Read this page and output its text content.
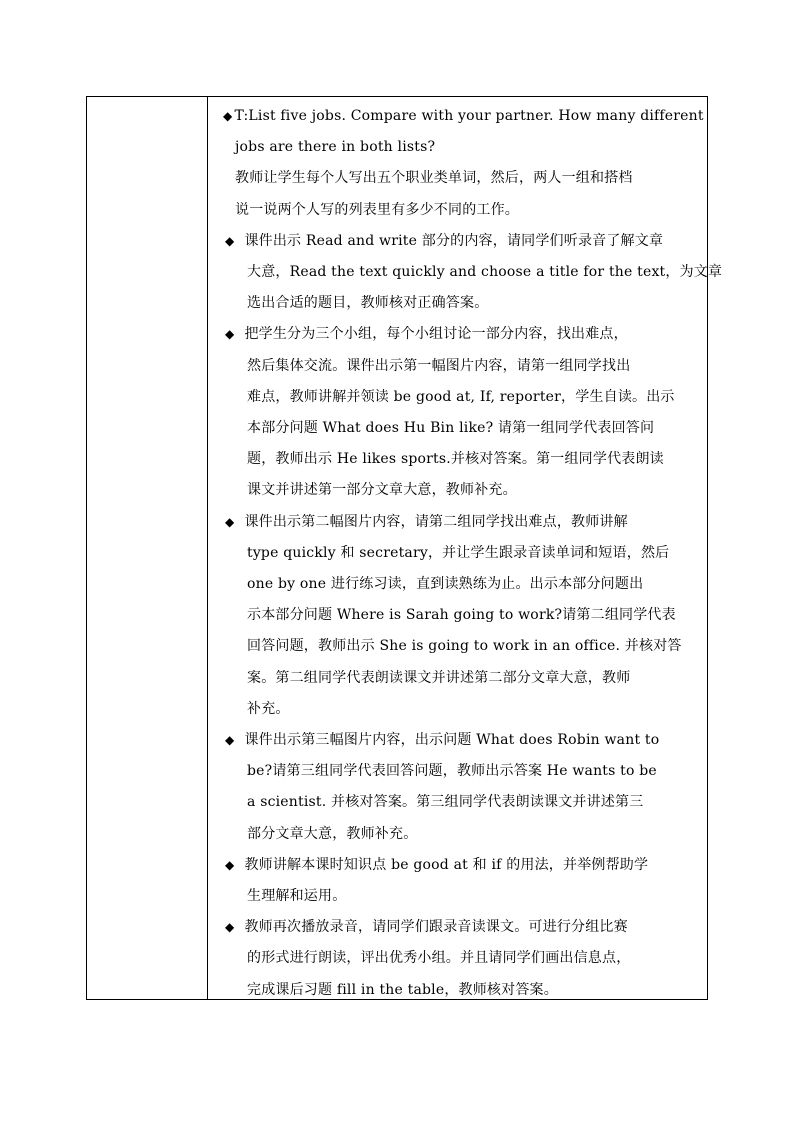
◆ T:List five jobs. Compare with your partner. How many different
jobs are there in both lists?
教师让学生每个人写出五个职业类单词，然后，两人一组和搭档
说一说两个人写的列表里有多少不同的工作。
◆ 课件出示 Read and write 部分的内容，请同学们听录音了解文章
大意，Read the text quickly and choose a title for the text，为文章
选出合适的题目，教师核对正确答案。
◆ 把学生分为三个小组，每个小组讨论一部分内容，找出难点，
然后集体交流。课件出示第一幅图片内容，请第一组同学找出
难点，教师讲解并领读 be good at, If, reporter，学生自读。出示
本部分问题 What does Hu Bin like? 请第一组同学代表回答问
题，教师出示 He likes sports.并核对答案。第一组同学代表朗读
课文并讲述第一部分文章大意，教师补充。
◆ 课件出示第二幅图片内容，请第二组同学找出难点，教师讲解
type quickly 和 secretary，并让学生跟录音读单词和短语，然后
one by one 进行练习读，直到读熟练为止。出示本部分问题出
示本部分问题 Where is Sarah going to work?请第二组同学代表
回答问题，教师出示 She is going to work in an office. 并核对答
案。第二组同学代表朗读课文并讲述第二部分文章大意，教师
补充。
◆ 课件出示第三幅图片内容，出示问题 What does Robin want to
be?请第三组同学代表回答问题，教师出示答案 He wants to be
a scientist. 并核对答案。第三组同学代表朗读课文并讲述第三
部分文章大意，教师补充。
◆ 教师讲解本课时知识点 be good at 和 if 的用法，并举例帮助学
生理解和运用。
◆ 教师再次播放录音，请同学们跟录音读课文。可进行分组比赛
的形式进行朗读，评出优秀小组。并且请同学们画出信息点，
完成课后习题 fill in the table，教师核对答案。
